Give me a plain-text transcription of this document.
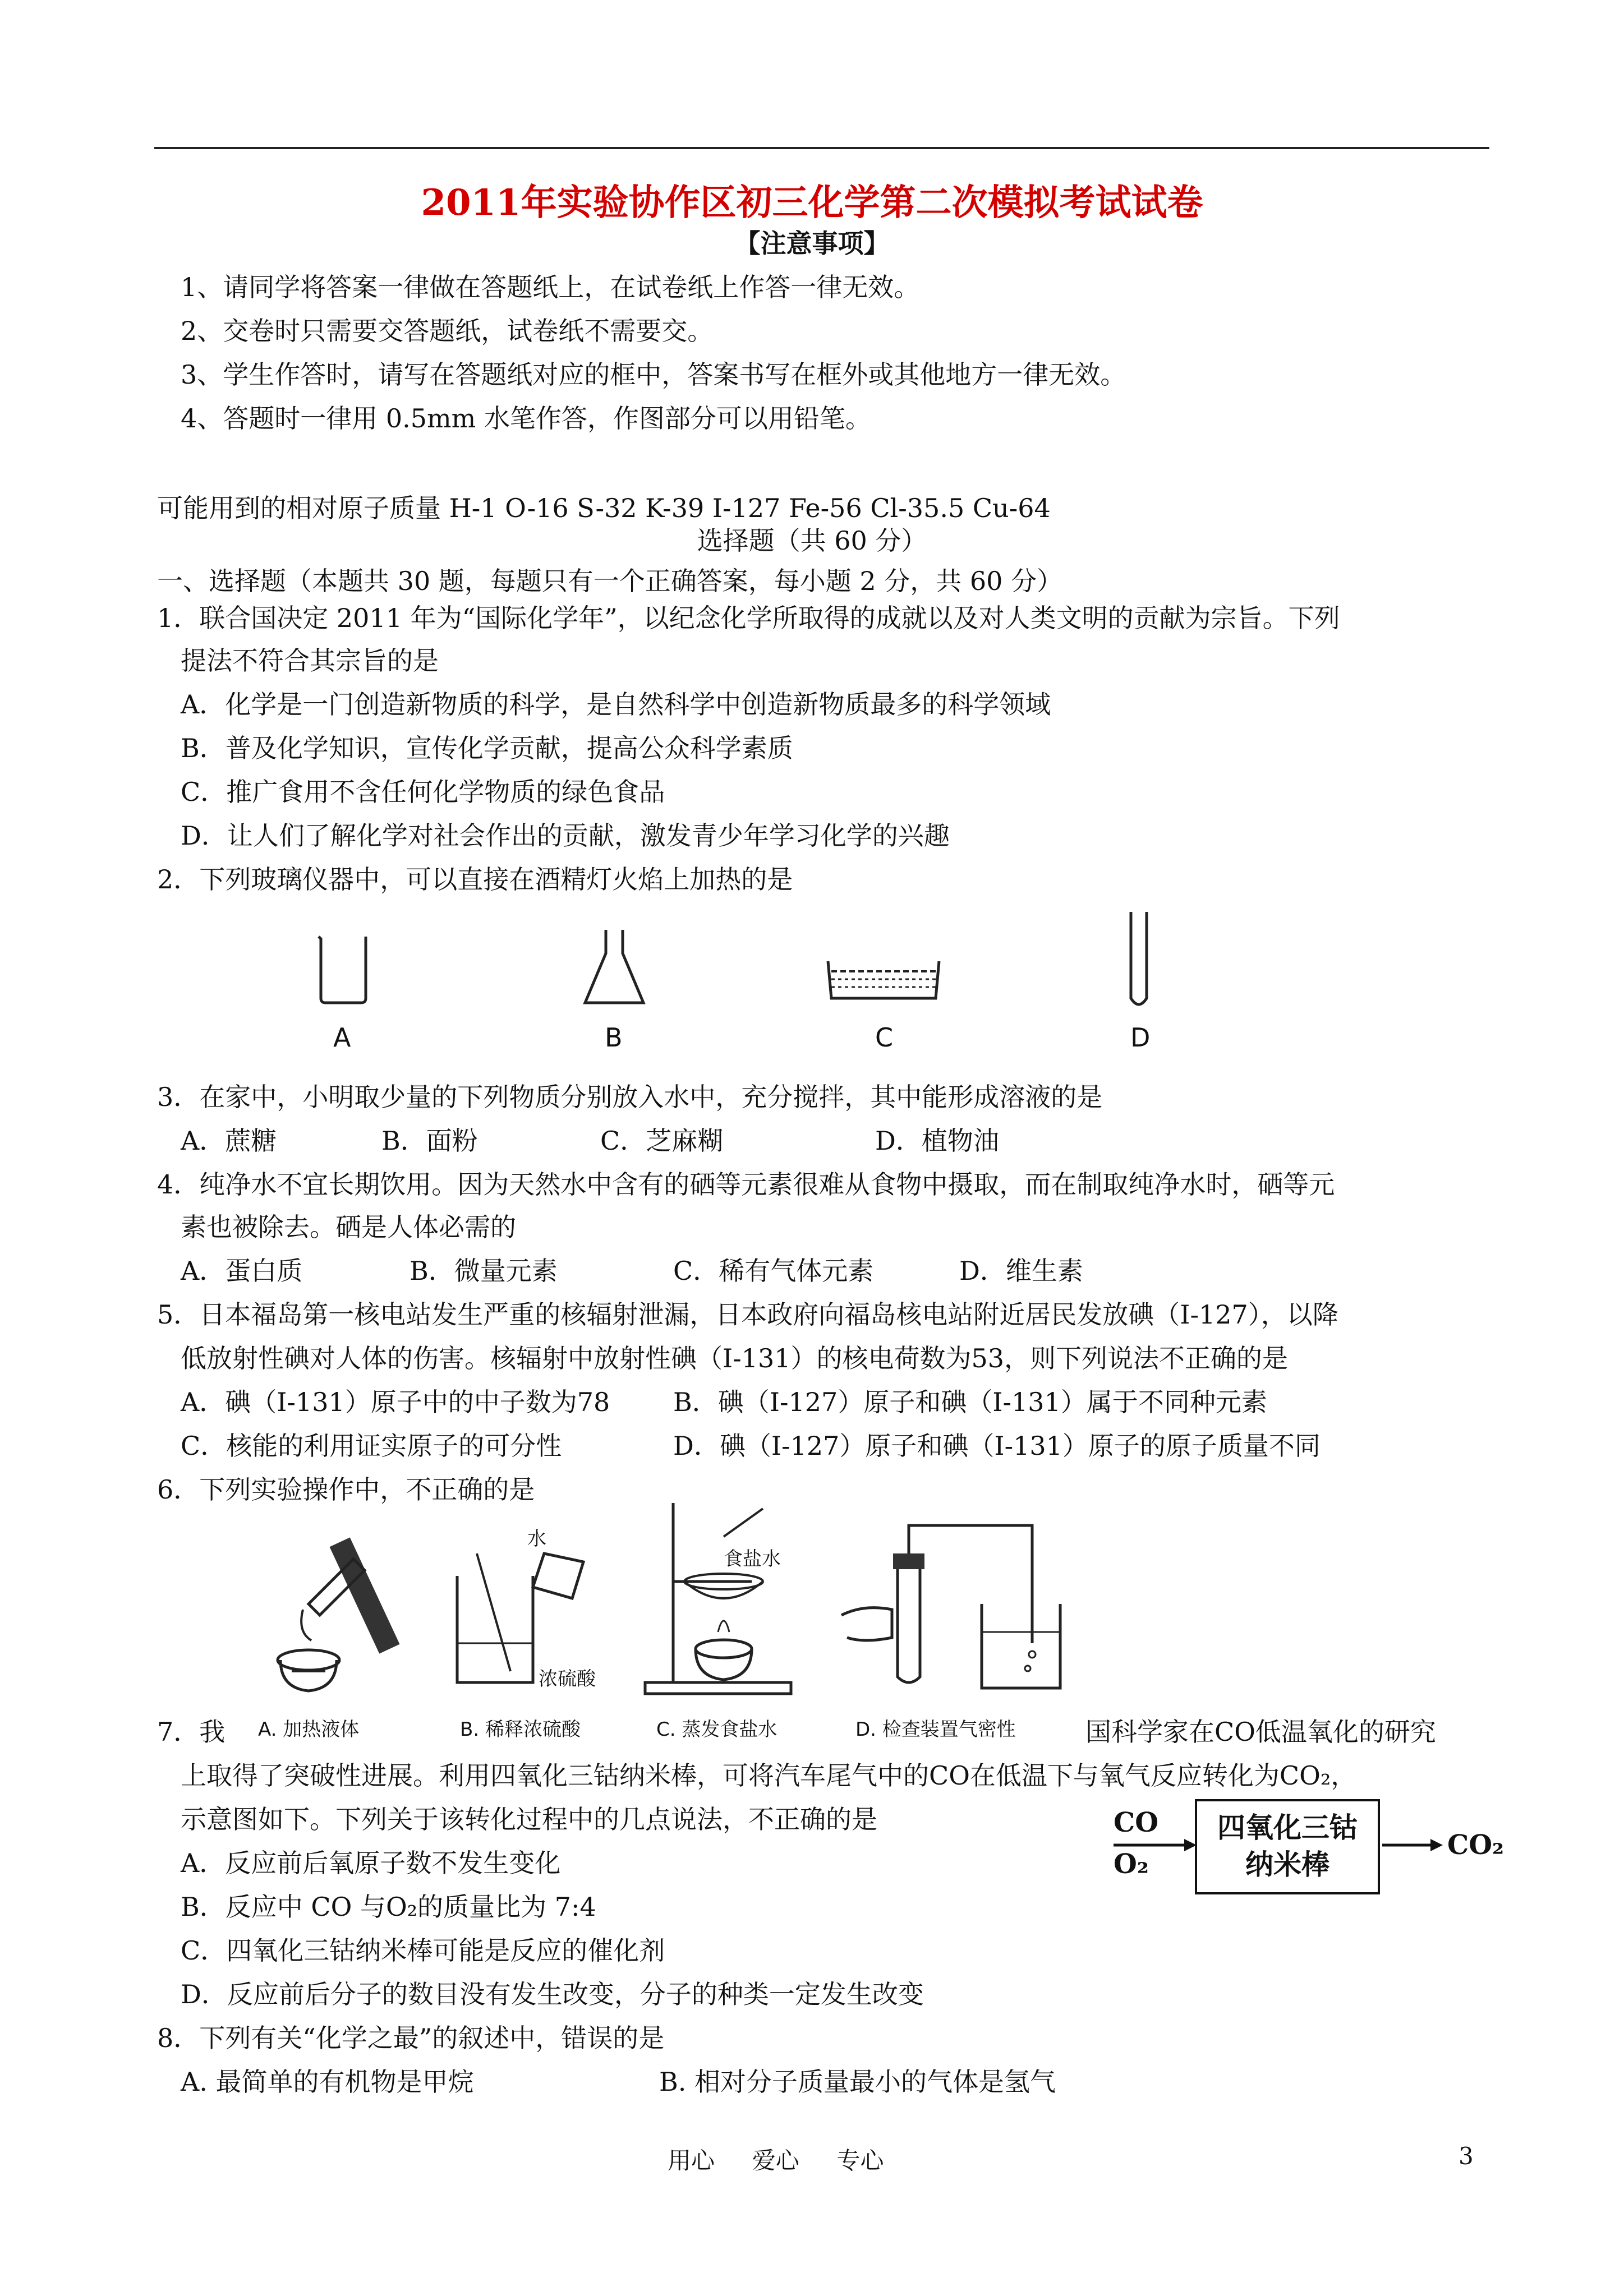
2011年实验协作区初三化学第二次模拟考试试卷
【注意事项】
1、请同学将答案一律做在答题纸上，在试卷纸上作答一律无效。
2、交卷时只需要交答题纸，试卷纸不需要交。
3、学生作答时，请写在答题纸对应的框中，答案书写在框外或其他地方一律无效。
4、答题时一律用 0.5mm 水笔作答，作图部分可以用铅笔。
可能用到的相对原子质量 H-1 O-16 S-32 K-39 I-127 Fe-56 Cl-35.5 Cu-64
选择题（共 60 分）
一、选择题（本题共 30 题，每题只有一个正确答案，每小题 2 分，共 60 分）
1．联合国决定 2011 年为“国际化学年”，以纪念化学所取得的成就以及对人类文明的贡献为宗旨。下列
提法不符合其宗旨的是
A．化学是一门创造新物质的科学，是自然科学中创造新物质最多的科学领域
B．普及化学知识，宣传化学贡献，提高公众科学素质
C．推广食用不含任何化学物质的绿色食品
D．让人们了解化学对社会作出的贡献，激发青少年学习化学的兴趣
2．下列玻璃仪器中，可以直接在酒精灯火焰上加热的是
A	B	C	D
3．在家中，小明取少量的下列物质分别放入水中，充分搅拌，其中能形成溶液的是
A．蔗糖	B．面粉	C．芝麻糊	D．植物油
4．纯净水不宜长期饮用。因为天然水中含有的硒等元素很难从食物中摄取，而在制取纯净水时，硒等元
素也被除去。硒是人体必需的
A．蛋白质	B．微量元素	C．稀有气体元素	D．维生素
5．日本福岛第一核电站发生严重的核辐射泄漏，日本政府向福岛核电站附近居民发放碘（I-127），以降
低放射性碘对人体的伤害。核辐射中放射性碘（I-131）的核电荷数为53，则下列说法不正确的是
A．碘（I-131）原子中的中子数为78 B．碘（I-127）原子和碘（I-131）属于不同种元素
C．核能的利用证实原子的可分性	D．碘（I-127）原子和碘（I-131）原子的原子质量不同
6．下列实验操作中，不正确的是
水
浓硫酸
食盐水
A. 加热液体	B. 稀释浓硫酸	C. 蒸发食盐水	D. 检查装置气密性
7．我	国科学家在CO低温氧化的研究
上取得了突破性进展。利用四氧化三钴纳米棒，可将汽车尾气中的CO在低温下与氧气反应转化为CO₂，
示意图如下。下列关于该转化过程中的几点说法，不正确的是
A．反应前后氧原子数不发生变化
B．反应中 CO 与O₂的质量比为 7:4
C．四氧化三钴纳米棒可能是反应的催化剂
D．反应前后分子的数目没有发生改变，分子的种类一定发生改变
CO
O₂
四氧化三钴
纳米棒
CO₂
8．下列有关“化学之最”的叙述中，错误的是
A. 最简单的有机物是甲烷	B. 相对分子质量最小的气体是氢气
用心     爱心     专心	3
